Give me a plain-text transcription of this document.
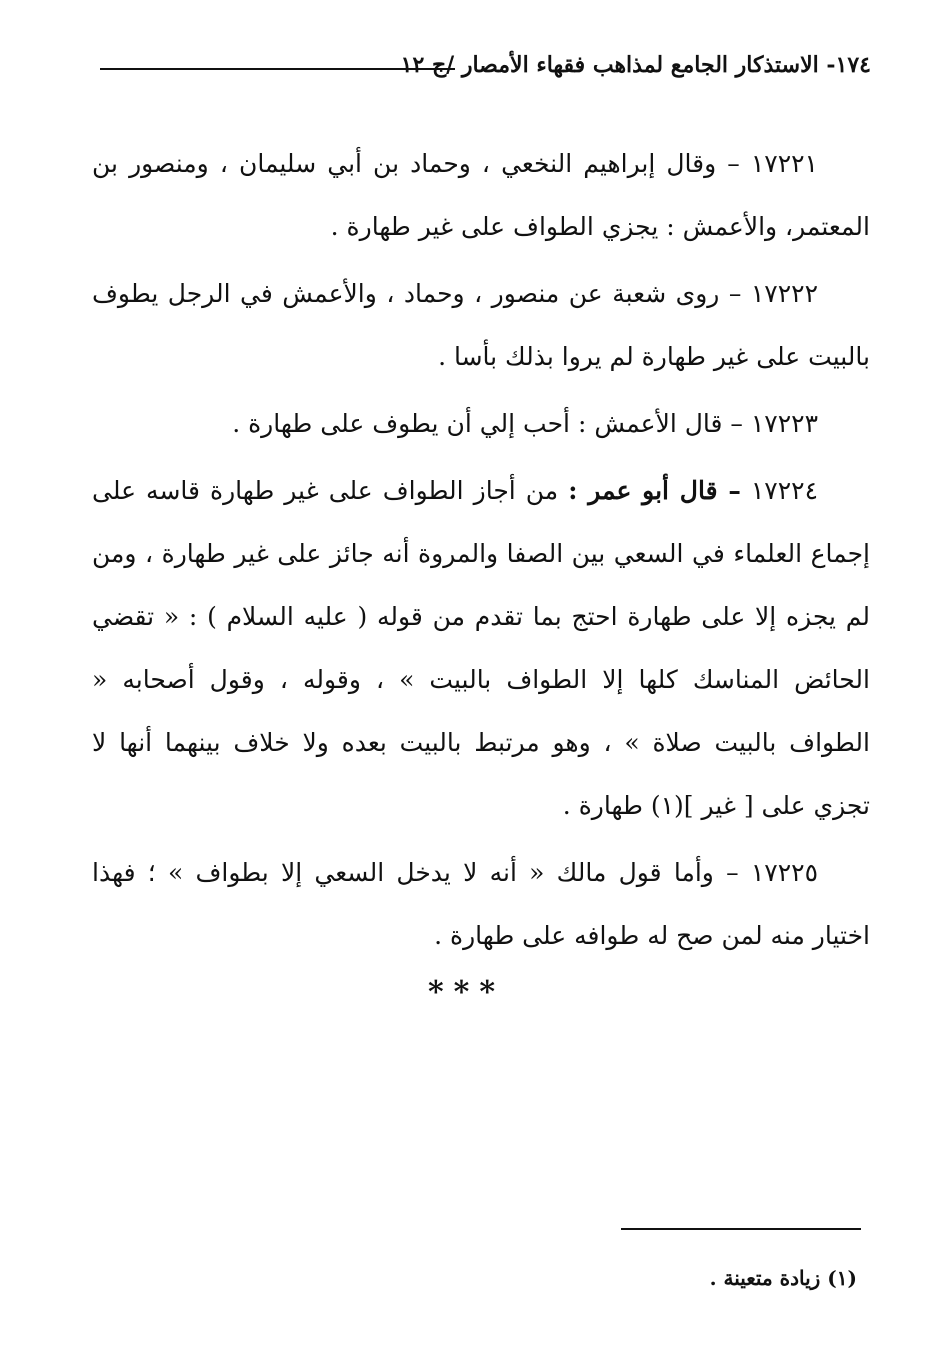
١٧٤- الاستذكار الجامع لمذاهب فقهاء الأمصار /ج ١٢

١٧٢٢١ – وقال إبراهيم النخعي ، وحماد بن أبي سليمان ، ومنصور بن المعتمر، والأعمش : يجزي الطواف على غير طهارة .

١٧٢٢٢ – روى شعبة عن منصور ، وحماد ، والأعمش في الرجل يطوف بالبيت على غير طهارة لم يروا بذلك بأسا .

١٧٢٢٣ – قال الأعمش : أحب إلي أن يطوف على طهارة .

١٧٢٢٤ – قال أبو عمر : من أجاز الطواف على غير طهارة قاسه على إجماع العلماء في السعي بين الصفا والمروة أنه جائز على غير طهارة ، ومن لم يجزه إلا على طهارة احتج بما تقدم من قوله ( عليه السلام ) : « تقضي الحائض المناسك كلها إلا الطواف بالبيت » ، وقوله ، وقول أصحابه « الطواف بالبيت صلاة » ، وهو مرتبط بالبيت بعده ولا خلاف بينهما أنها لا تجزي على [ غير ](١) طهارة .

١٧٢٢٥ – وأما قول مالك « أنه لا يدخل السعي إلا بطواف » ؛ فهذا اختيار منه لمن صح له طوافه على طهارة .

***
(١) زيادة متعينة .
